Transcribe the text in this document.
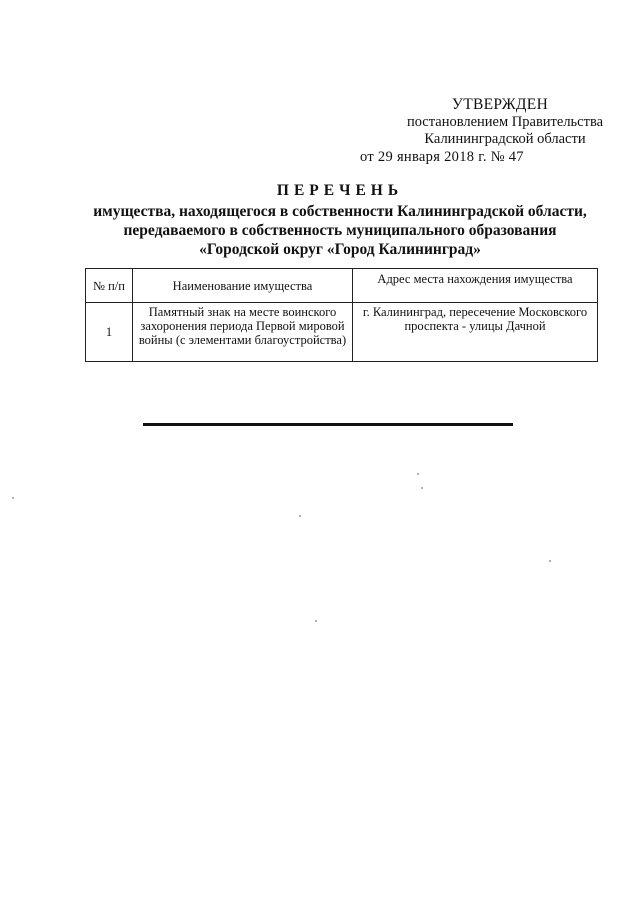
УТВЕРЖДЕН
постановлением Правительства
Калининградской области
от 29 января 2018 г. № 47
ПЕРЕЧЕНЬ
имущества, находящегося в собственности Калининградской области,
передаваемого в собственность муниципального образования
«Городской округ «Город Калининград»
№ п/п	Наименование имущества	Адрес места нахождения имущества
1	Памятный знак на месте воинского захоронения периода Первой мировой войны (с элементами благоустройства)	г. Калининград, пересечение Московского проспекта - улицы Дачной
